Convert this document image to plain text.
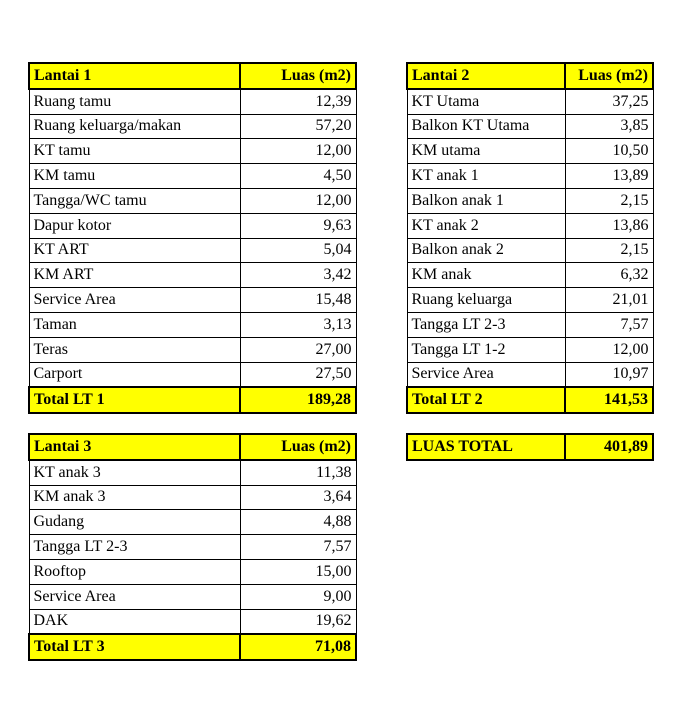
Lantai 1	Luas (m2)
Ruang tamu	12,39
Ruang keluarga/makan	57,20
KT tamu	12,00
KM tamu	4,50
Tangga/WC tamu	12,00
Dapur kotor	9,63
KT ART	5,04
KM ART	3,42
Service Area	15,48
Taman	3,13
Teras	27,00
Carport	27,50
Total LT 1	189,28
Lantai 2	Luas (m2)
KT Utama	37,25
Balkon KT Utama	3,85
KM utama	10,50
KT anak 1	13,89
Balkon anak 1	2,15
KT anak 2	13,86
Balkon anak 2	2,15
KM anak	6,32
Ruang keluarga	21,01
Tangga LT 2-3	7,57
Tangga LT 1-2	12,00
Service Area	10,97
Total LT 2	141,53
Lantai 3	Luas (m2)
KT anak 3	11,38
KM anak 3	3,64
Gudang	4,88
Tangga LT 2-3	7,57
Rooftop	15,00
Service Area	9,00
DAK	19,62
Total LT 3	71,08
LUAS TOTAL	401,89
